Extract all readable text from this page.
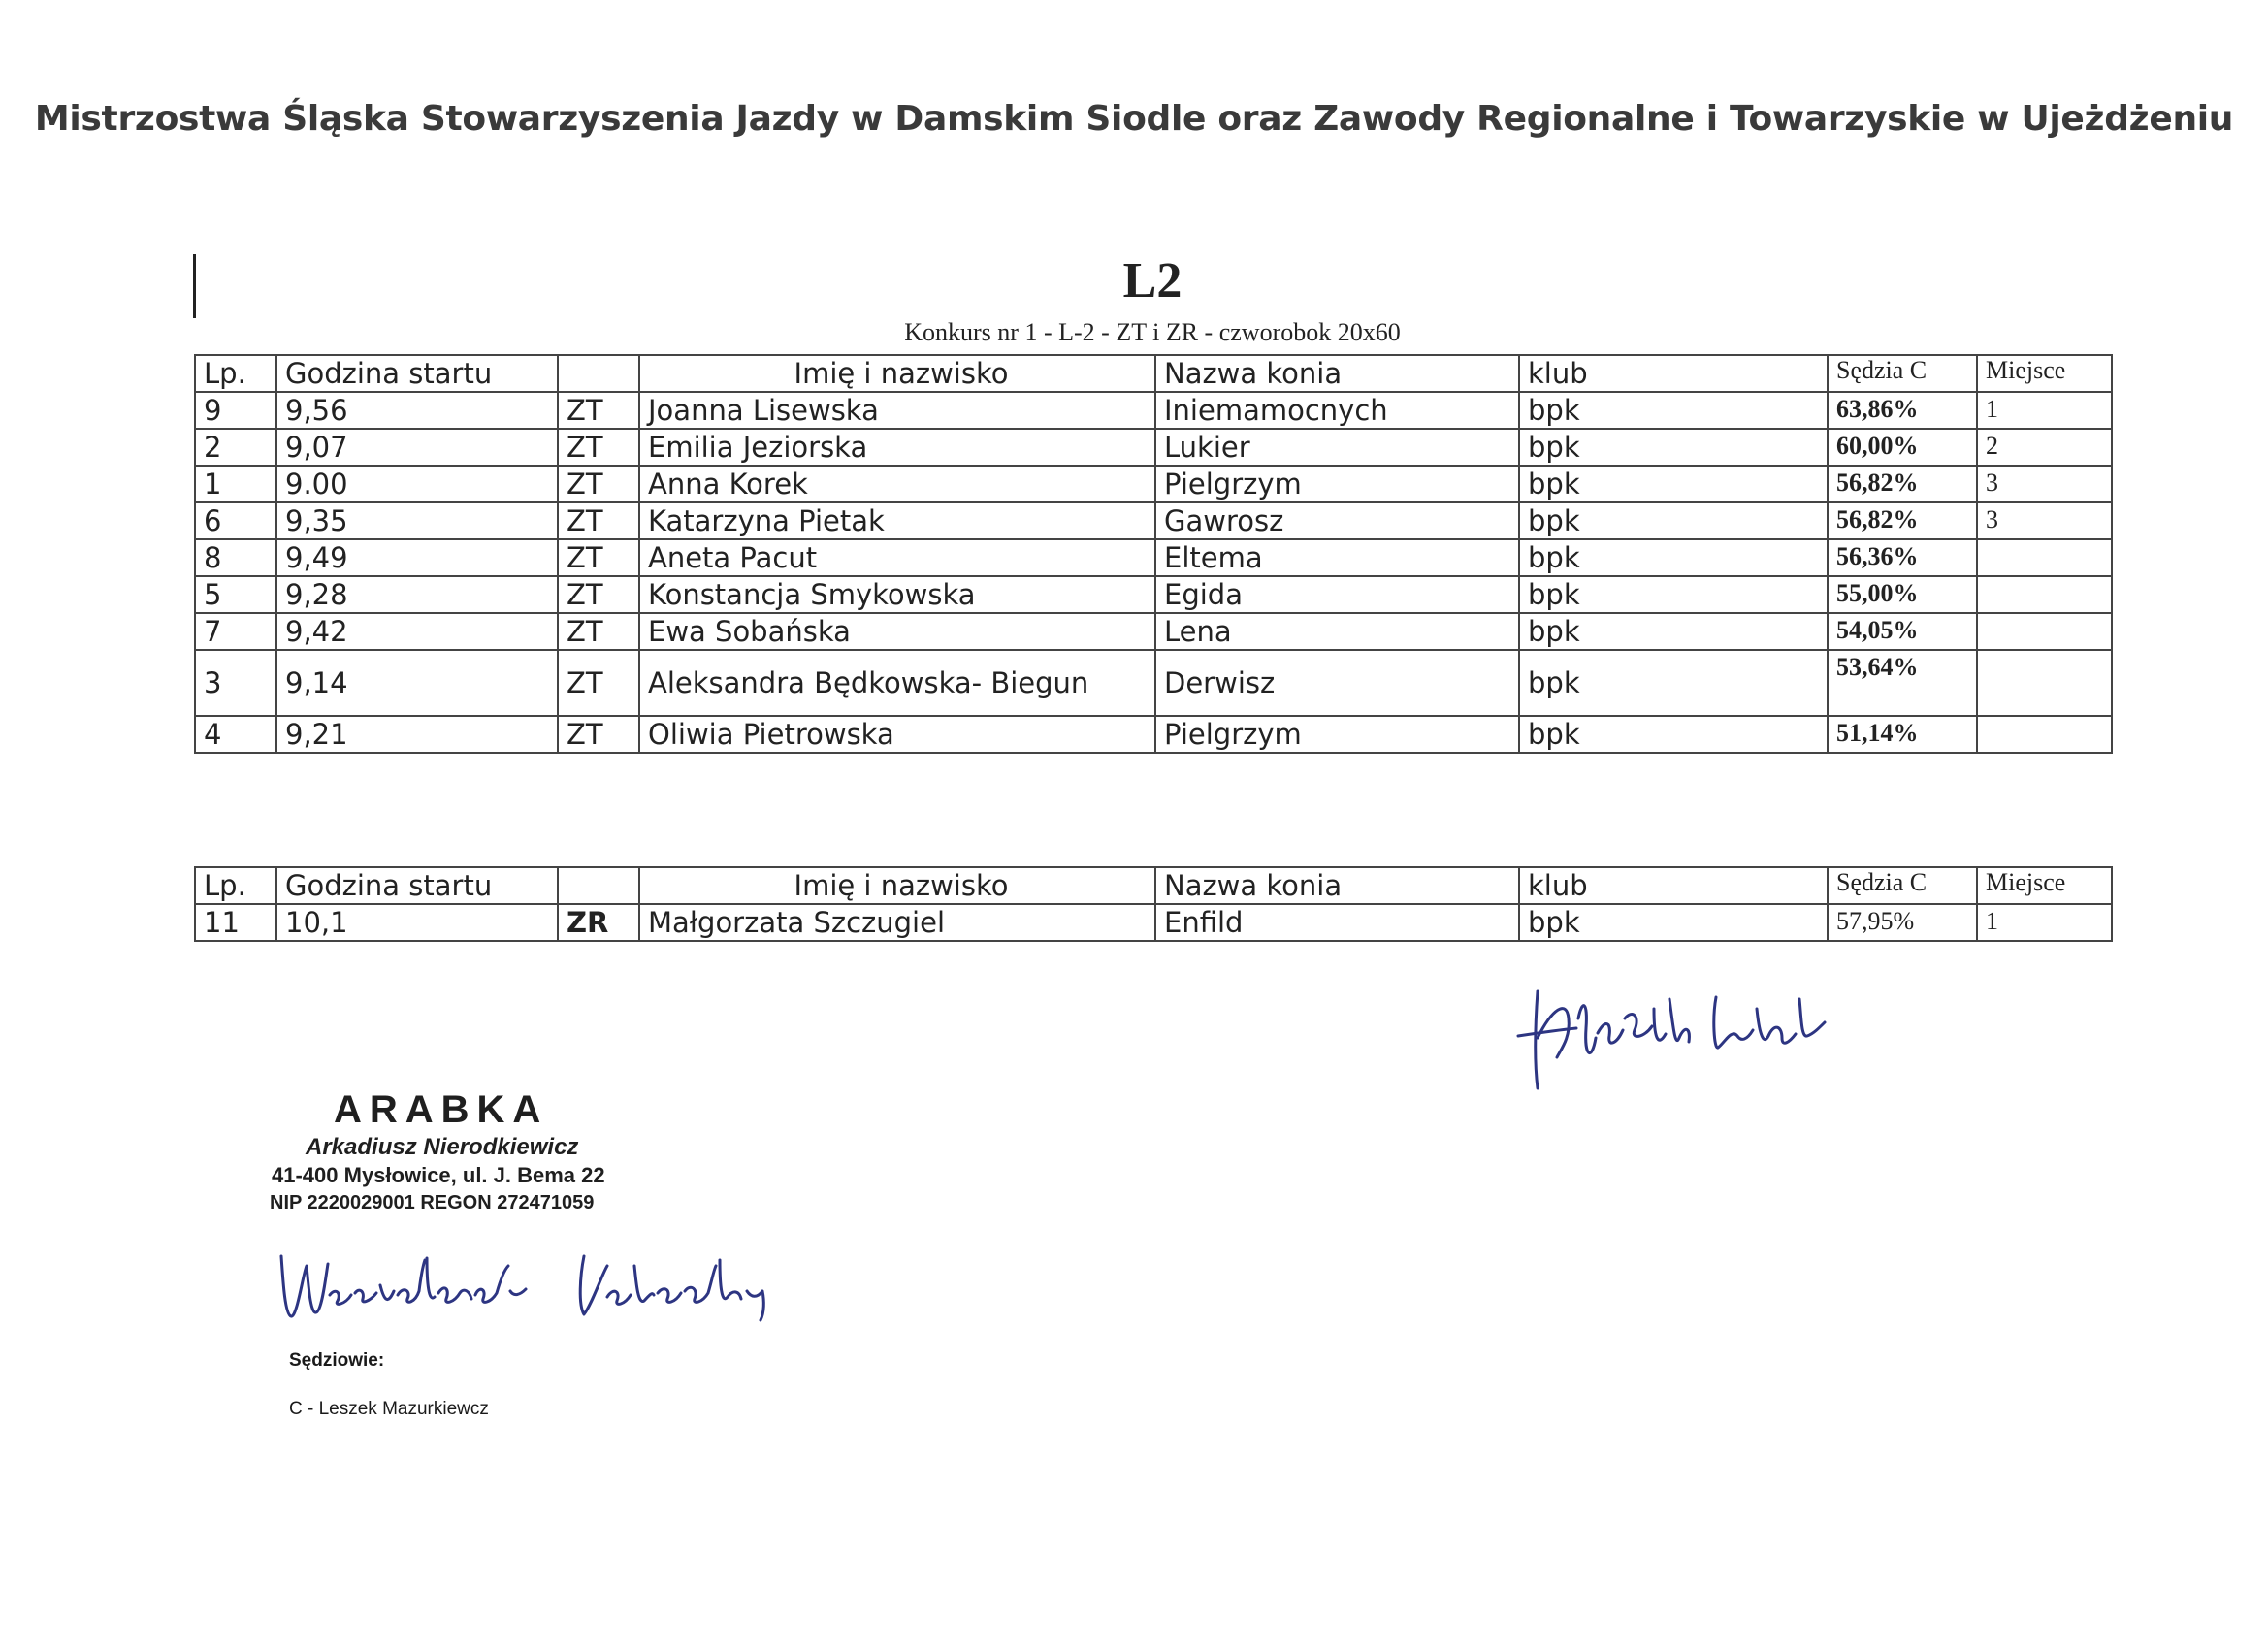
Mistrzostwa Śląska Stowarzyszenia Jazdy w Damskim Siodle oraz Zawody Regionalne i Towarzyskie w Ujeżdżeniu
L2
Konkurs nr 1 - L-2 - ZT i ZR - czworobok 20x60
Lp.	Godzina startu		Imię i nazwisko	Nazwa konia	klub	Sędzia C	Miejsce
9	9,56	ZT	Joanna Lisewska	Iniemamocnych	bpk	63,86%	1
2	9,07	ZT	Emilia Jeziorska	Lukier	bpk	60,00%	2
1	9.00	ZT	Anna Korek	Pielgrzym	bpk	56,82%	3
6	9,35	ZT	Katarzyna Pietak	Gawrosz	bpk	56,82%	3
8	9,49	ZT	Aneta Pacut	Eltema	bpk	56,36%	
5	9,28	ZT	Konstancja Smykowska	Egida	bpk	55,00%	
7	9,42	ZT	Ewa Sobańska	Lena	bpk	54,05%	
3	9,14	ZT	Aleksandra Będkowska- Biegun	Derwisz	bpk	53,64%	
4	9,21	ZT	Oliwia Pietrowska	Pielgrzym	bpk	51,14%	
Lp.	Godzina startu		Imię i nazwisko	Nazwa konia	klub	Sędzia C	Miejsce
11	10,1	ZR	Małgorzata Szczugiel	Enfild	bpk	57,95%	1
ARABKA
Arkadiusz Nierodkiewicz
41-400 Mysłowice, ul. J. Bema 22
NIP 2220029001 REGON 272471059
Sędziowie:
C - Leszek Mazurkiewcz
